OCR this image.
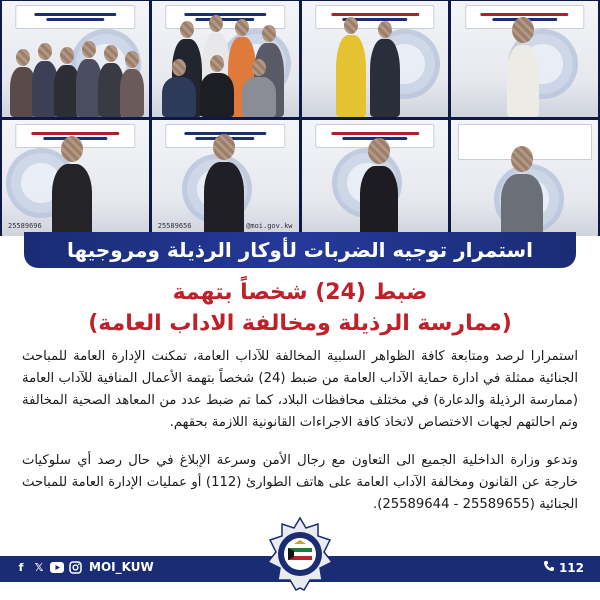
25589696	25589656	@moi.gov.kw
استمرار توجيه الضربات لأوكار الرذيلة ومروجيها
ضبط (24) شخصاً بتهمة
(ممارسة الرذيلة ومخالفة الاداب العامة)
استمرارا لرصد ومتابعة كافة الظواهر السلبية المخالفة للآداب العامة، تمكنت الإدارة العامة للمباحث الجنائية ممثلة في ادارة حماية الآداب العامة من ضبط (24) شخصاً بتهمة الأعمال المنافية للآداب العامة (ممارسة الرذيلة والدعارة) في مختلف محافظات البلاد، كما تم ضبط عدد من المعاهد الصحية المخالفة وتم احالتهم لجهات الاختصاص لاتخاذ كافة الاجراءات القانونية اللازمة بحقهم.
وتدعو وزارة الداخلية الجميع الى التعاون مع رجال الأمن وسرعة الإبلاغ في حال رصد أي سلوكيات خارجة عن القانون ومخالفة الآداب العامة على هاتف الطوارئ (112) أو عمليات الإدارة العامة للمباحث الجنائية (25589655 - 25589644).
f	𝕏	MOI_KUW	112
